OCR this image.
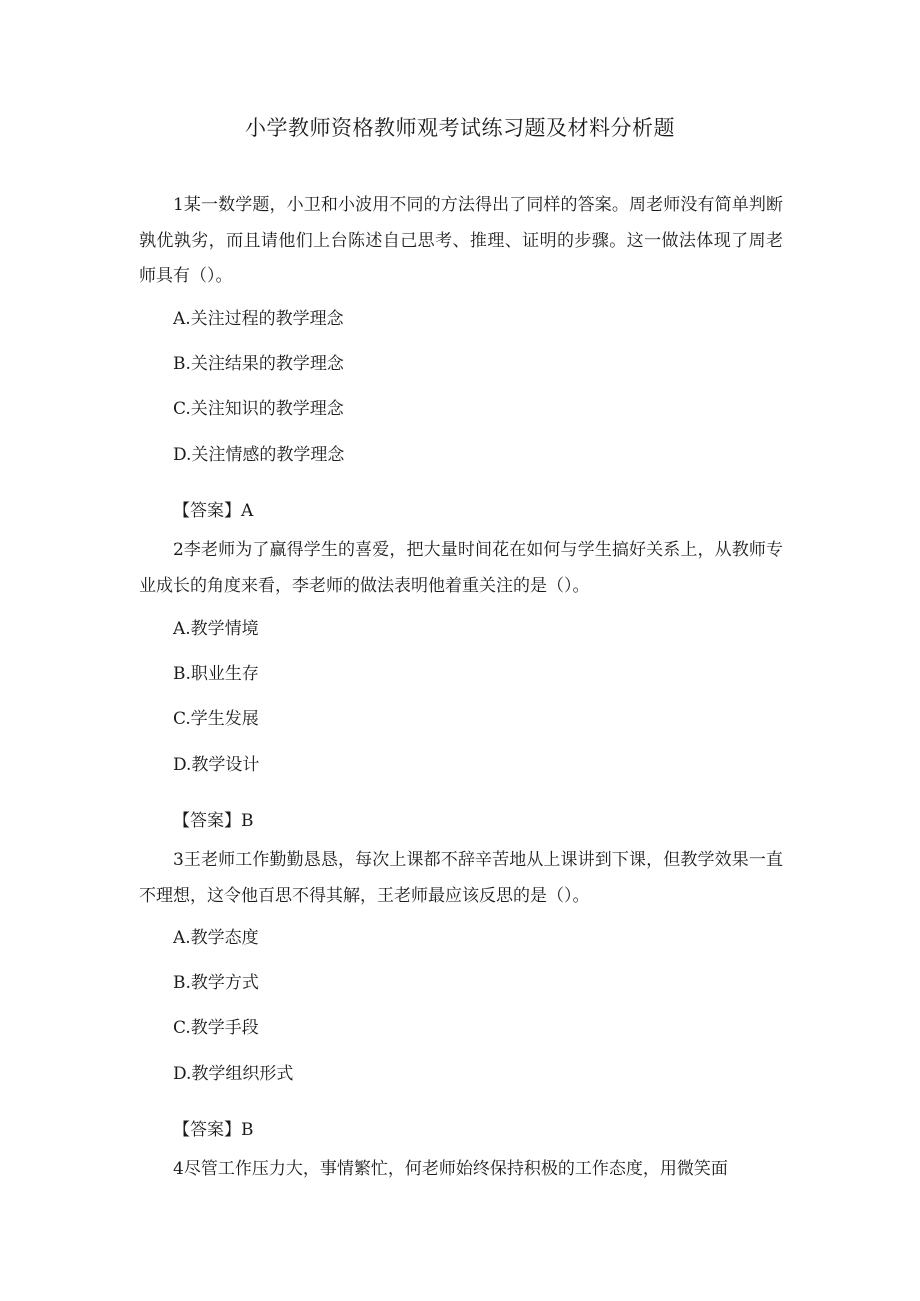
小学教师资格教师观考试练习题及材料分析题

1某一数学题，小卫和小波用不同的方法得出了同样的答案。周老师没有简单判断孰优孰劣，而且请他们上台陈述自己思考、推理、证明的步骤。这一做法体现了周老师具有（）。

A.关注过程的教学理念
B.关注结果的教学理念
C.关注知识的教学理念
D.关注情感的教学理念
【答案】A

2李老师为了赢得学生的喜爱，把大量时间花在如何与学生搞好关系上，从教师专业成长的角度来看，李老师的做法表明他着重关注的是（）。

A.教学情境
B.职业生存
C.学生发展
D.教学设计
【答案】B

3王老师工作勤勤恳恳，每次上课都不辞辛苦地从上课讲到下课，但教学效果一直不理想，这令他百思不得其解，王老师最应该反思的是（）。

A.教学态度
B.教学方式
C.教学手段
D.教学组织形式
【答案】B

4尽管工作压力大，事情繁忙，何老师始终保持积极的工作态度，用微笑面
